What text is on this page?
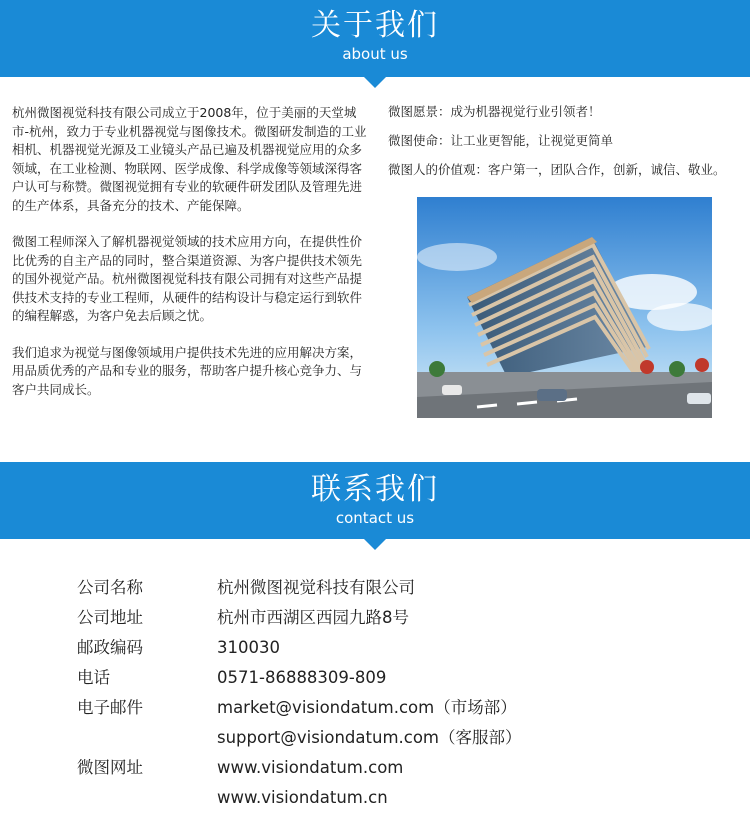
关于我们
about us

杭州微图视觉科技有限公司成立于2008年，位于美丽的天堂城市-杭州，致力于专业机器视觉与图像技术。微图研发制造的工业相机、机器视觉光源及工业镜头产品已遍及机器视觉应用的众多领域，在工业检测、物联网、医学成像、科学成像等领域深得客户认可与称赞。微图视觉拥有专业的软硬件研发团队及管理先进的生产体系，具备充分的技术、产能保障。

微图工程师深入了解机器视觉领域的技术应用方向，在提供性价比优秀的自主产品的同时，整合渠道资源、为客户提供技术领先的国外视觉产品。杭州微图视觉科技有限公司拥有对这些产品提供技术支持的专业工程师，从硬件的结构设计与稳定运行到软件的编程解惑，为客户免去后顾之忧。

我们追求为视觉与图像领域用户提供技术先进的应用解决方案，用品质优秀的产品和专业的服务，帮助客户提升核心竞争力、与客户共同成长。

微图愿景：成为机器视觉行业引领者！
微图使命：让工业更智能，让视觉更简单
微图人的价值观：客户第一，团队合作，创新，诚信、敬业。
联系我们
contact us
公司名称	杭州微图视觉科技有限公司
公司地址	杭州市西湖区西园九路8号
邮政编码	310030
电话	0571-86888309-809
电子邮件	market@visiondatum.com（市场部）
support@visiondatum.com（客服部）
微图网址	www.visiondatum.com
www.visiondatum.cn
